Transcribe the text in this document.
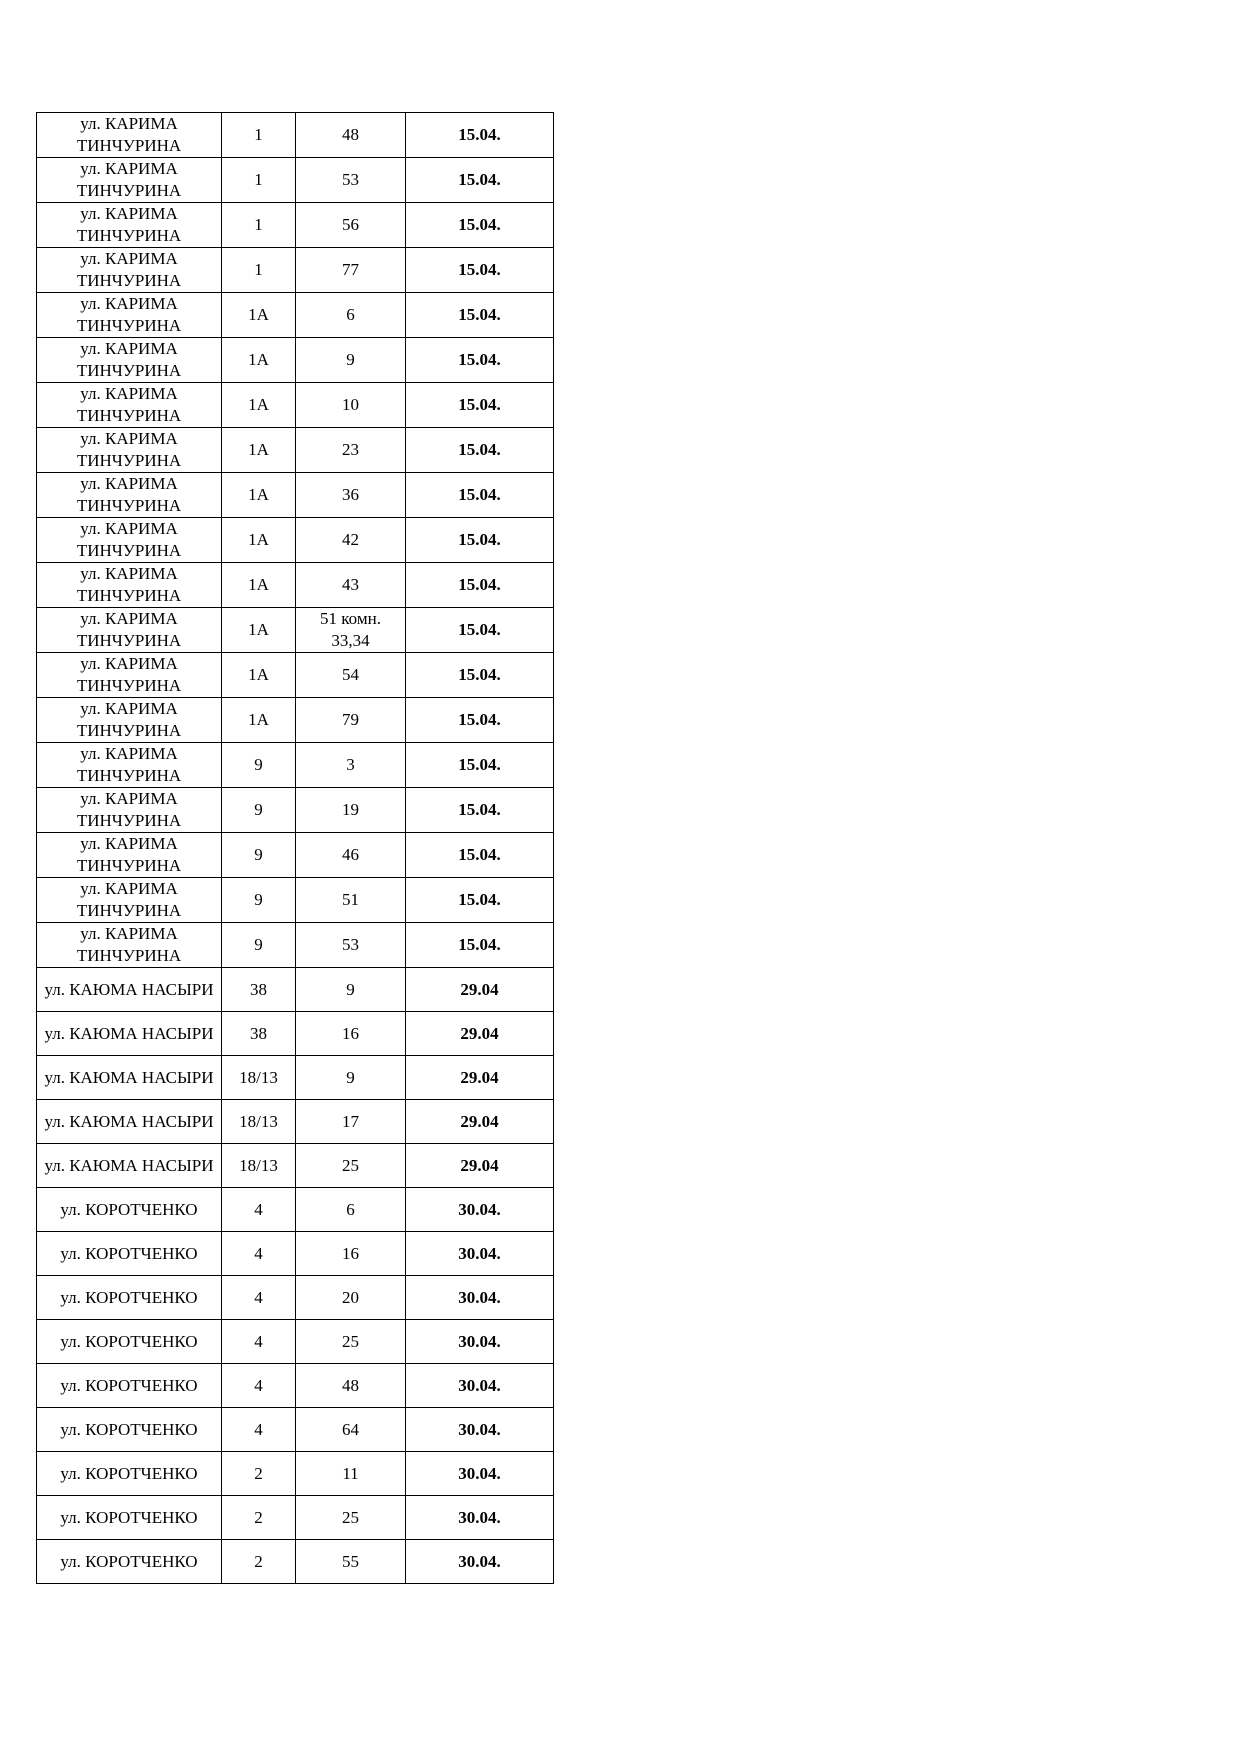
ул. КАРИМА ТИНЧУРИНА	1	48	15.04.
ул. КАРИМА ТИНЧУРИНА	1	53	15.04.
ул. КАРИМА ТИНЧУРИНА	1	56	15.04.
ул. КАРИМА ТИНЧУРИНА	1	77	15.04.
ул. КАРИМА ТИНЧУРИНА	1А	6	15.04.
ул. КАРИМА ТИНЧУРИНА	1А	9	15.04.
ул. КАРИМА ТИНЧУРИНА	1А	10	15.04.
ул. КАРИМА ТИНЧУРИНА	1А	23	15.04.
ул. КАРИМА ТИНЧУРИНА	1А	36	15.04.
ул. КАРИМА ТИНЧУРИНА	1А	42	15.04.
ул. КАРИМА ТИНЧУРИНА	1А	43	15.04.
ул. КАРИМА ТИНЧУРИНА	1А	51 комн. 33,34	15.04.
ул. КАРИМА ТИНЧУРИНА	1А	54	15.04.
ул. КАРИМА ТИНЧУРИНА	1А	79	15.04.
ул. КАРИМА ТИНЧУРИНА	9	3	15.04.
ул. КАРИМА ТИНЧУРИНА	9	19	15.04.
ул. КАРИМА ТИНЧУРИНА	9	46	15.04.
ул. КАРИМА ТИНЧУРИНА	9	51	15.04.
ул. КАРИМА ТИНЧУРИНА	9	53	15.04.
ул. КАЮМА НАСЫРИ	38	9	29.04
ул. КАЮМА НАСЫРИ	38	16	29.04
ул. КАЮМА НАСЫРИ	18/13	9	29.04
ул. КАЮМА НАСЫРИ	18/13	17	29.04
ул. КАЮМА НАСЫРИ	18/13	25	29.04
ул. КОРОТЧЕНКО	4	6	30.04.
ул. КОРОТЧЕНКО	4	16	30.04.
ул. КОРОТЧЕНКО	4	20	30.04.
ул. КОРОТЧЕНКО	4	25	30.04.
ул. КОРОТЧЕНКО	4	48	30.04.
ул. КОРОТЧЕНКО	4	64	30.04.
ул. КОРОТЧЕНКО	2	11	30.04.
ул. КОРОТЧЕНКО	2	25	30.04.
ул. КОРОТЧЕНКО	2	55	30.04.
